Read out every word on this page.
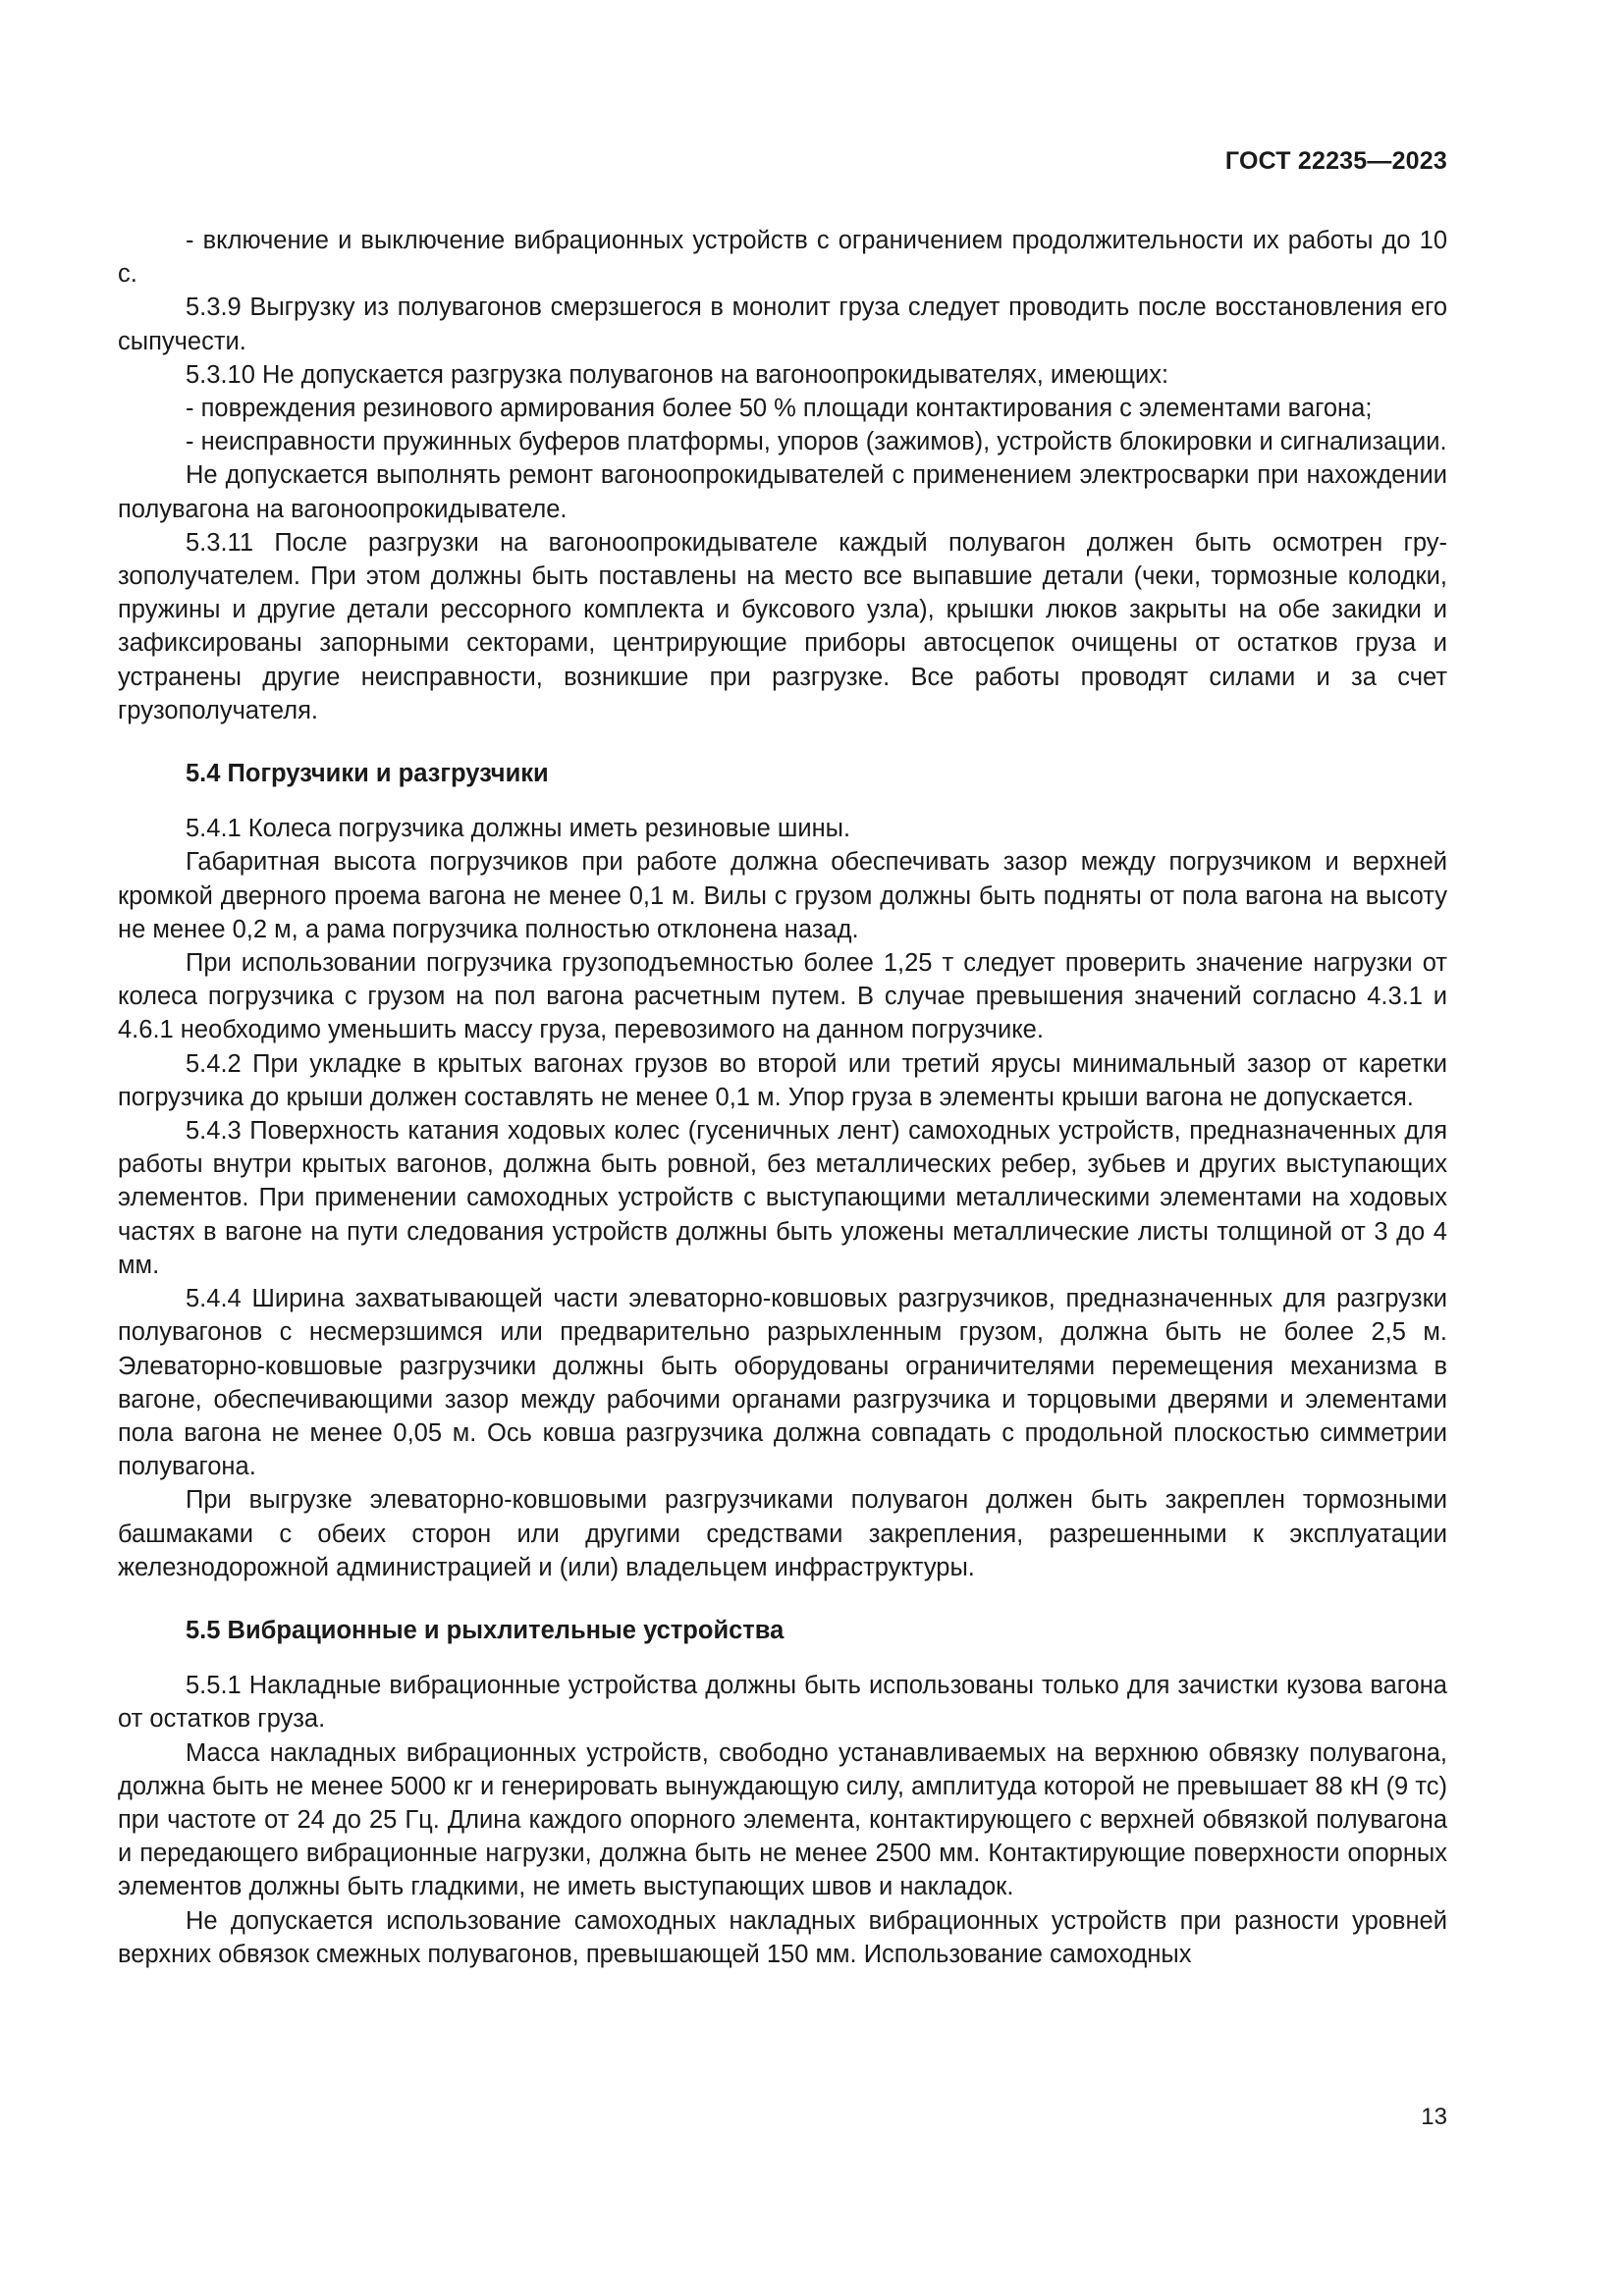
ГОСТ 22235—2023

- включение и выключение вибрационных устройств с ограничением продолжительности их работы до 10 с.

5.3.9 Выгрузку из полувагонов смерзшегося в монолит груза следует проводить после восстановления его сыпучести.

5.3.10 Не допускается разгрузка полувагонов на вагоноопрокидывателях, имеющих:

- повреждения резинового армирования более 50 % площади контактирования с элементами вагона;

- неисправности пружинных буферов платформы, упоров (зажимов), устройств блокировки и сигнализации.

Не допускается выполнять ремонт вагоноопрокидывателей с применением электросварки при нахождении полувагона на вагоноопрокидывателе.

5.3.11 После разгрузки на вагоноопрокидывателе каждый полувагон должен быть осмотрен грузополучателем. При этом должны быть поставлены на место все выпавшие детали (чеки, тормозные колодки, пружины и другие детали рессорного комплекта и буксового узла), крышки люков закрыты на обе закидки и зафиксированы запорными секторами, центрирующие приборы автосцепок очищены от остатков груза и устранены другие неисправности, возникшие при разгрузке. Все работы проводят силами и за счет грузополучателя.

5.4 Погрузчики и разгрузчики

5.4.1 Колеса погрузчика должны иметь резиновые шины.

Габаритная высота погрузчиков при работе должна обеспечивать зазор между погрузчиком и верхней кромкой дверного проема вагона не менее 0,1 м. Вилы с грузом должны быть подняты от пола вагона на высоту не менее 0,2 м, а рама погрузчика полностью отклонена назад.

При использовании погрузчика грузоподъемностью более 1,25 т следует проверить значение нагрузки от колеса погрузчика с грузом на пол вагона расчетным путем. В случае превышения значений согласно 4.3.1 и 4.6.1 необходимо уменьшить массу груза, перевозимого на данном погрузчике.

5.4.2 При укладке в крытых вагонах грузов во второй или третий ярусы минимальный зазор от каретки погрузчика до крыши должен составлять не менее 0,1 м. Упор груза в элементы крыши вагона не допускается.

5.4.3 Поверхность катания ходовых колес (гусеничных лент) самоходных устройств, предназначенных для работы внутри крытых вагонов, должна быть ровной, без металлических ребер, зубьев и других выступающих элементов. При применении самоходных устройств с выступающими металлическими элементами на ходовых частях в вагоне на пути следования устройств должны быть уложены металлические листы толщиной от 3 до 4 мм.

5.4.4 Ширина захватывающей части элеваторно-ковшовых разгрузчиков, предназначенных для разгрузки полувагонов с несмерзшимся или предварительно разрыхленным грузом, должна быть не более 2,5 м. Элеваторно-ковшовые разгрузчики должны быть оборудованы ограничителями перемещения механизма в вагоне, обеспечивающими зазор между рабочими органами разгрузчика и торцовыми дверями и элементами пола вагона не менее 0,05 м. Ось ковша разгрузчика должна совпадать с продольной плоскостью симметрии полувагона.

При выгрузке элеваторно-ковшовыми разгрузчиками полувагон должен быть закреплен тормозными башмаками с обеих сторон или другими средствами закрепления, разрешенными к эксплуатации железнодорожной администрацией и (или) владельцем инфраструктуры.

5.5 Вибрационные и рыхлительные устройства

5.5.1 Накладные вибрационные устройства должны быть использованы только для зачистки кузова вагона от остатков груза.

Масса накладных вибрационных устройств, свободно устанавливаемых на верхнюю обвязку полувагона, должна быть не менее 5000 кг и генерировать вынуждающую силу, амплитуда которой не превышает 88 кН (9 тс) при частоте от 24 до 25 Гц. Длина каждого опорного элемента, контактирующего с верхней обвязкой полувагона и передающего вибрационные нагрузки, должна быть не менее 2500 мм. Контактирующие поверхности опорных элементов должны быть гладкими, не иметь выступающих швов и накладок.

Не допускается использование самоходных накладных вибрационных устройств при разности уровней верхних обвязок смежных полувагонов, превышающей 150 мм. Использование самоходных

13
